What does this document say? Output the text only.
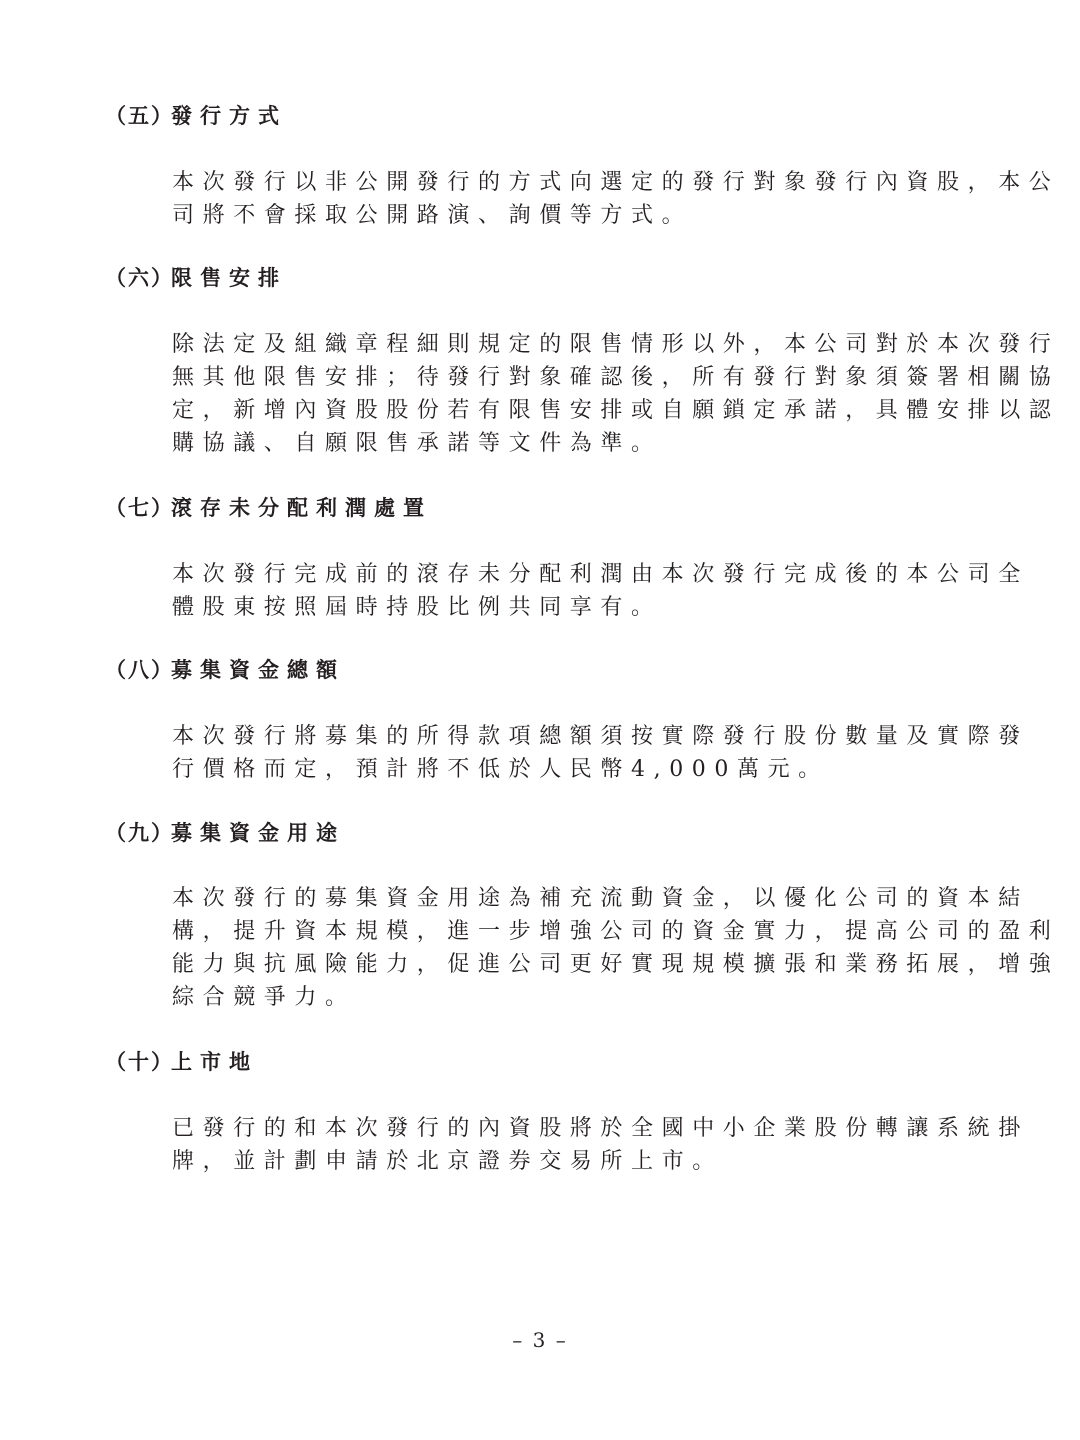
（五）發行方式
本次發行以非公開發行的方式向選定的發行對象發行內資股，本公
司將不會採取公開路演、詢價等方式。
（六）限售安排
除法定及組織章程細則規定的限售情形以外，本公司對於本次發行
無其他限售安排；待發行對象確認後，所有發行對象須簽署相關協
定，新增內資股股份若有限售安排或自願鎖定承諾，具體安排以認
購協議、自願限售承諾等文件為準。
（七）滾存未分配利潤處置
本次發行完成前的滾存未分配利潤由本次發行完成後的本公司全
體股東按照屆時持股比例共同享有。
（八）募集資金總額
本次發行將募集的所得款項總額須按實際發行股份數量及實際發
行價格而定，預計將不低於人民幣4,000萬元。
（九）募集資金用途
本次發行的募集資金用途為補充流動資金，以優化公司的資本結
構，提升資本規模，進一步增強公司的資金實力，提高公司的盈利
能力與抗風險能力，促進公司更好實現規模擴張和業務拓展，增強
綜合競爭力。
（十）上市地
已發行的和本次發行的內資股將於全國中小企業股份轉讓系統掛
牌，並計劃申請於北京證券交易所上市。
– 3 –
